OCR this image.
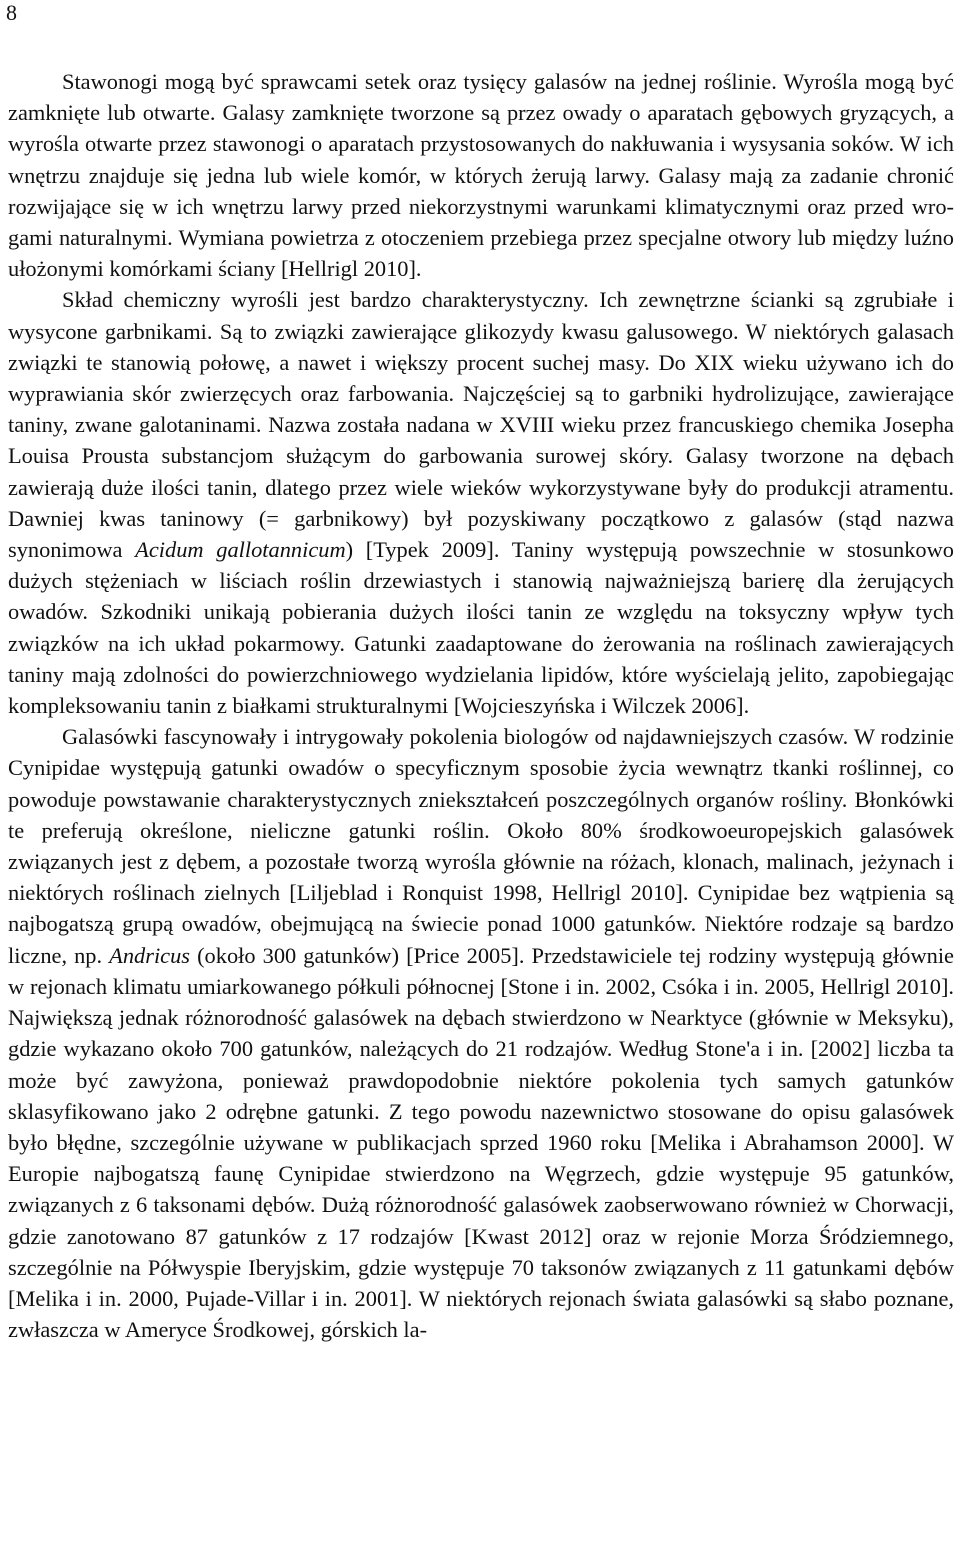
8

Stawonogi mogą być sprawcami setek oraz tysięcy galasów na jednej roślinie. Wyrośla mogą być zamknięte lub otwarte. Galasy zamknięte tworzone są przez owady o aparatach gębowych gryzących, a wyrośla otwarte przez stawonogi o aparatach przystosowanych do nakłuwania i wysysania soków. W ich wnętrzu znajduje się jedna lub wiele komór, w których żerują larwy. Galasy mają za zadanie chronić rozwijające się w ich wnętrzu larwy przed niekorzystnymi warunkami klimatycznymi oraz przed wrogami naturalnymi. Wymiana powietrza z otoczeniem przebiega przez specjalne otwory lub między luźno ułożonymi komórkami ściany [Hellrigl 2010].

Skład chemiczny wyrośli jest bardzo charakterystyczny. Ich zewnętrzne ścianki są zgrubiałe i wysycone garbnikami. Są to związki zawierające glikozydy kwasu galusowego. W niektórych galasach związki te stanowią połowę, a nawet i większy procent suchej masy. Do XIX wieku używano ich do wyprawiania skór zwierzęcych oraz farbowania. Najczęściej są to garbniki hydrolizujące, zawierające taniny, zwane galotaninami. Nazwa została nadana w XVIII wieku przez francuskiego chemika Josepha Louisa Prousta substancjom służącym do garbowania surowej skóry. Galasy tworzone na dębach zawierają duże ilości tanin, dlatego przez wiele wieków wykorzystywane były do produkcji atramentu. Dawniej kwas taninowy (= garbnikowy) był pozyskiwany początkowo z galasów (stąd nazwa synonimowa Acidum gallotannicum) [Typek 2009]. Taniny występują powszechnie w stosunkowo dużych stężeniach w liściach roślin drzewiastych i stanowią najważniejszą barierę dla żerujących owadów. Szkodniki unikają pobierania dużych ilości tanin ze względu na toksyczny wpływ tych związków na ich układ pokarmowy. Gatunki zaadaptowane do żerowania na roślinach zawierających taniny mają zdolności do powierzchniowego wydzielania lipidów, które wyścielają jelito, zapobiegając kompleksowaniu tanin z białkami strukturalnymi [Wojcieszyńska i Wilczek 2006].

Galasówki fascynowały i intrygowały pokolenia biologów od najdawniejszych czasów. W rodzinie Cynipidae występują gatunki owadów o specyficznym sposobie życia wewnątrz tkanki roślinnej, co powoduje powstawanie charakterystycznych zniekształceń poszczególnych organów rośliny. Błonkówki te preferują określone, nieliczne gatunki roślin. Około 80% środkowoeuropejskich galasówek związanych jest z dębem, a pozostałe tworzą wyrośla głównie na różach, klonach, malinach, jeżynach i niektórych roślinach zielnych [Liljeblad i Ronquist 1998, Hellrigl 2010]. Cynipidae bez wątpienia są najbogatszą grupą owadów, obejmującą na świecie ponad 1000 gatunków. Niektóre rodzaje są bardzo liczne, np. Andricus (około 300 gatunków) [Price 2005]. Przedstawiciele tej rodziny występują głównie w rejonach klimatu umiarkowanego półkuli północnej [Stone i in. 2002, Csóka i in. 2005, Hellrigl 2010]. Największą jednak różnorodność galasówek na dębach stwierdzono w Nearktyce (głównie w Meksyku), gdzie wykazano około 700 gatunków, należących do 21 rodzajów. Według Stone'a i in. [2002] liczba ta może być zawyżona, ponieważ prawdopodobnie niektóre pokolenia tych samych gatunków sklasyfikowano jako 2 odrębne gatunki. Z tego powodu nazewnictwo stosowane do opisu galasówek było błędne, szczególnie używane w publikacjach sprzed 1960 roku [Melika i Abrahamson 2000]. W Europie najbogatszą faunę Cynipidae stwierdzono na Węgrzech, gdzie występuje 95 gatunków, związanych z 6 taksonami dębów. Dużą różnorodność galasówek zaobserwowano również w Chorwacji, gdzie zanotowano 87 gatunków z 17 rodzajów [Kwast 2012] oraz w rejonie Morza Śródziemnego, szczególnie na Półwyspie Iberyjskim, gdzie występuje 70 taksonów związanych z 11 gatunkami dębów [Melika i in. 2000, Pujade-Villar i in. 2001]. W niektórych rejonach świata galasówki są słabo poznane, zwłaszcza w Ameryce Środkowej, górskich la-
